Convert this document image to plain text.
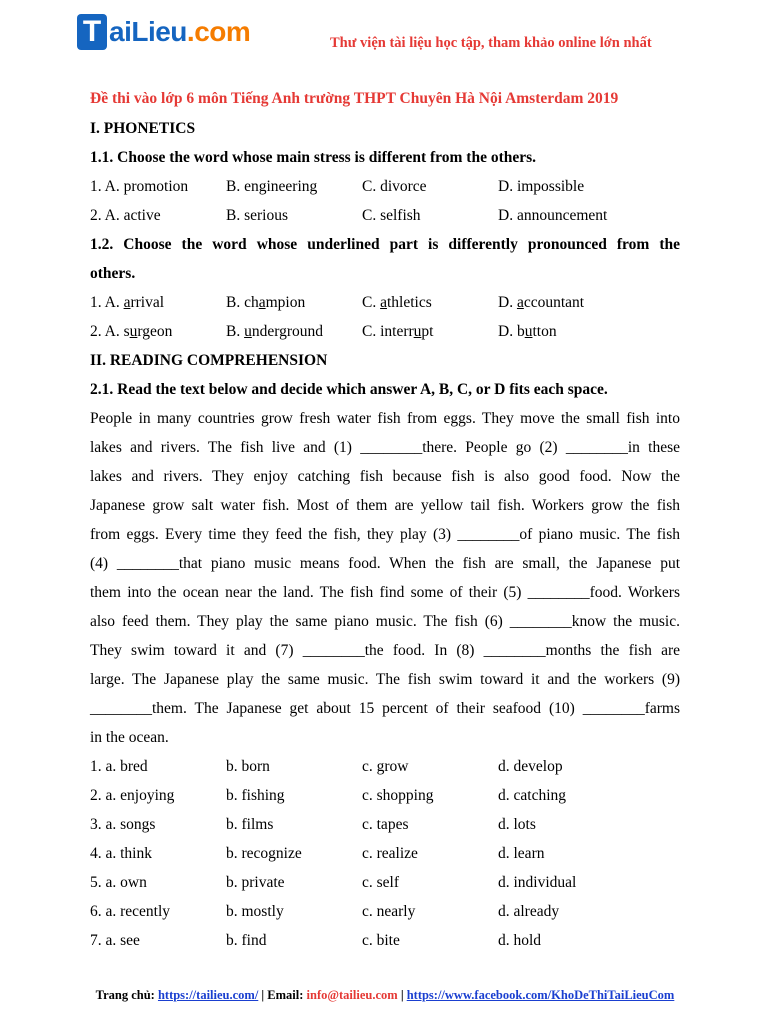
T aiLieu.com	Thư viện tài liệu học tập, tham khảo online lớn nhất
Đề thi vào lớp 6 môn Tiếng Anh trường THPT Chuyên Hà Nội Amsterdam 2019
I. PHONETICS
1.1. Choose the word whose main stress is different from the others.
1. A. promotion	B. engineering	C. divorce	D. impossible
2. A. active	B. serious	C. selfish	D. announcement
1.2. Choose the word whose underlined part is differently pronounced from the
others.
1. A. arrival	B. champion	C. athletics	D. accountant
2. A. surgeon	B. underground	C. interrupt	D. button
II. READING COMPREHENSION
2.1. Read the text below and decide which answer A, B, C, or D fits each space.
People in many countries grow fresh water fish from eggs. They move the small fish into
lakes and rivers. The fish live and (1) ________there. People go (2) ________in these
lakes and rivers. They enjoy catching fish because fish is also good food. Now the
Japanese grow salt water fish. Most of them are yellow tail fish. Workers grow the fish
from eggs. Every time they feed the fish, they play (3) ________of piano music. The fish
(4) ________that piano music means food. When the fish are small, the Japanese put
them into the ocean near the land. The fish find some of their (5) ________food. Workers
also feed them. They play the same piano music. The fish (6) ________know the music.
They swim toward it and (7) ________the food. In (8) ________months the fish are
large. The Japanese play the same music. The fish swim toward it and the workers (9)
________them. The Japanese get about 15 percent of their seafood (10) ________farms
in the ocean.
1. a. bred	b. born	c. grow	d. develop
2. a. enjoying	b. fishing	c. shopping	d. catching
3. a. songs	b. films	c. tapes	d. lots
4. a. think	b. recognize	c. realize	d. learn
5. a. own	b. private	c. self	d. individual
6. a. recently	b. mostly	c. nearly	d. already
7. a. see	b. find	c. bite	d. hold
Trang chủ: https://tailieu.com/ | Email: info@tailieu.com | https://www.facebook.com/KhoDeThiTaiLieuCom
